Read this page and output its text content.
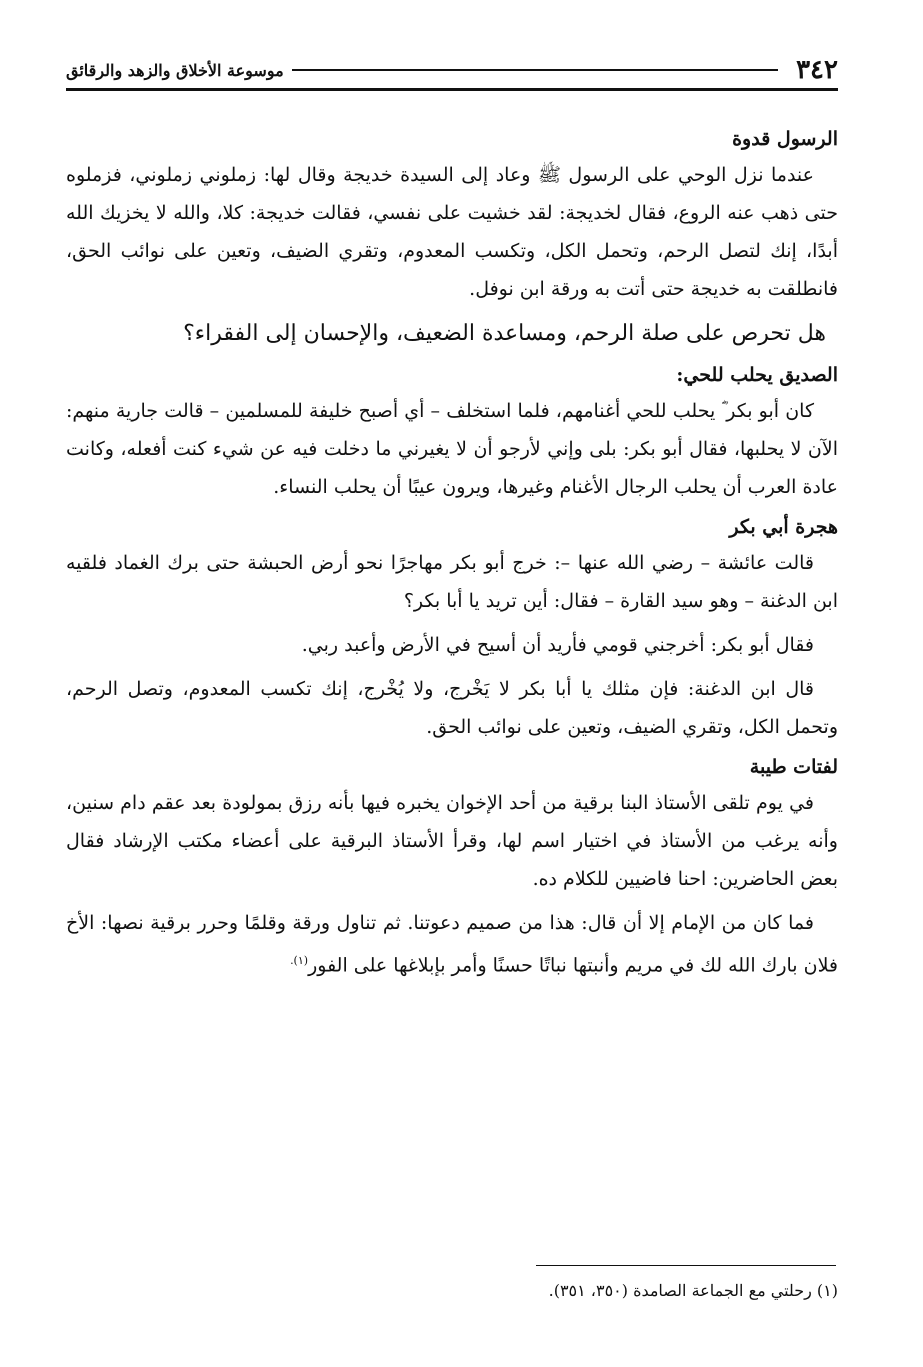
٣٤٢
موسوعة الأخلاق والزهد والرقائق
الرسول قدوة

عندما نزل الوحي على الرسول ﷺ وعاد إلى السيدة خديجة وقال لها: زملوني زملوني، فزملوه حتى ذهب عنه الروع، فقال لخديجة: لقد خشيت على نفسي، فقالت خديجة: كلا، والله لا يخزيك الله أبدًا، إنك لتصل الرحم، وتحمل الكل، وتكسب المعدوم، وتقري الضيف، وتعين على نوائب الحق، فانطلقت به خديجة حتى أتت به ورقة ابن نوفل.

هل تحرص على صلة الرحم، ومساعدة الضعيف، والإحسان إلى الفقراء؟

الصديق يحلب للحي:

كان أبو بكر ؓ يحلب للحي أغنامهم، فلما استخلف – أي أصبح خليفة للمسلمين – قالت جارية منهم: الآن لا يحلبها، فقال أبو بكر: بلى وإني لأرجو أن لا يغيرني ما دخلت فيه عن شيء كنت أفعله، وكانت عادة العرب أن يحلب الرجال الأغنام وغيرها، ويرون عيبًا أن يحلب النساء.

هجرة أبي بكر

قالت عائشة – رضي الله عنها –: خرج أبو بكر مهاجرًا نحو أرض الحبشة حتى برك الغماد فلقيه ابن الدغنة – وهو سيد القارة – فقال: أين تريد يا أبا بكر؟

فقال أبو بكر: أخرجني قومي فأريد أن أسيح في الأرض وأعبد ربي.

قال ابن الدغنة: فإن مثلك يا أبا بكر لا يَخْرج، ولا يُخْرج، إنك تكسب المعدوم، وتصل الرحم، وتحمل الكل، وتقري الضيف، وتعين على نوائب الحق.

لفتات طيبة

في يوم تلقى الأستاذ البنا برقية من أحد الإخوان يخبره فيها بأنه رزق بمولودة بعد عقم دام سنين، وأنه يرغب من الأستاذ في اختيار اسم لها، وقرأ الأستاذ البرقية على أعضاء مكتب الإرشاد فقال بعض الحاضرين: احنا فاضيين للكلام ده.

فما كان من الإمام إلا أن قال: هذا من صميم دعوتنا. ثم تناول ورقة وقلمًا وحرر برقية نصها: الأخ فلان بارك الله لك في مريم وأنبتها نباتًا حسنًا وأمر بإبلاغها على الفور$^{(١).}$

(١) رحلتي مع الجماعة الصامدة (٣٥٠، ٣٥١).
